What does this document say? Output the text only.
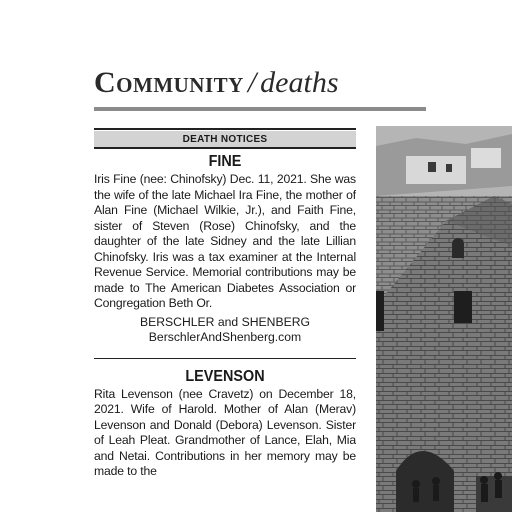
Community / deaths
DEATH NOTICES
FINE

Iris Fine (nee: Chinofsky) Dec. 11, 2021. She was the wife of the late Michael Ira Fine, the mother of Alan Fine (Michael Wilkie, Jr.), and Faith Fine, sister of Steven (Rose) Chinofsky, and the daughter of the late Sidney and the late Lillian Chinofsky. Iris was a tax examiner at the Internal Revenue Service. Memorial contributions may be made to The American Diabetes Association or Congregation Beth Or.

BERSCHLER and SHENBERG
BerschlerAndShenberg.com
LEVENSON

Rita Levenson (nee Cravetz) on December 18, 2021. Wife of Harold. Mother of Alan (Merav) Levenson and Donald (Debora) Levenson. Sister of Leah Pleat. Grandmother of Lance, Elah, Mia and Netai. Contributions in her memory may be made to the
